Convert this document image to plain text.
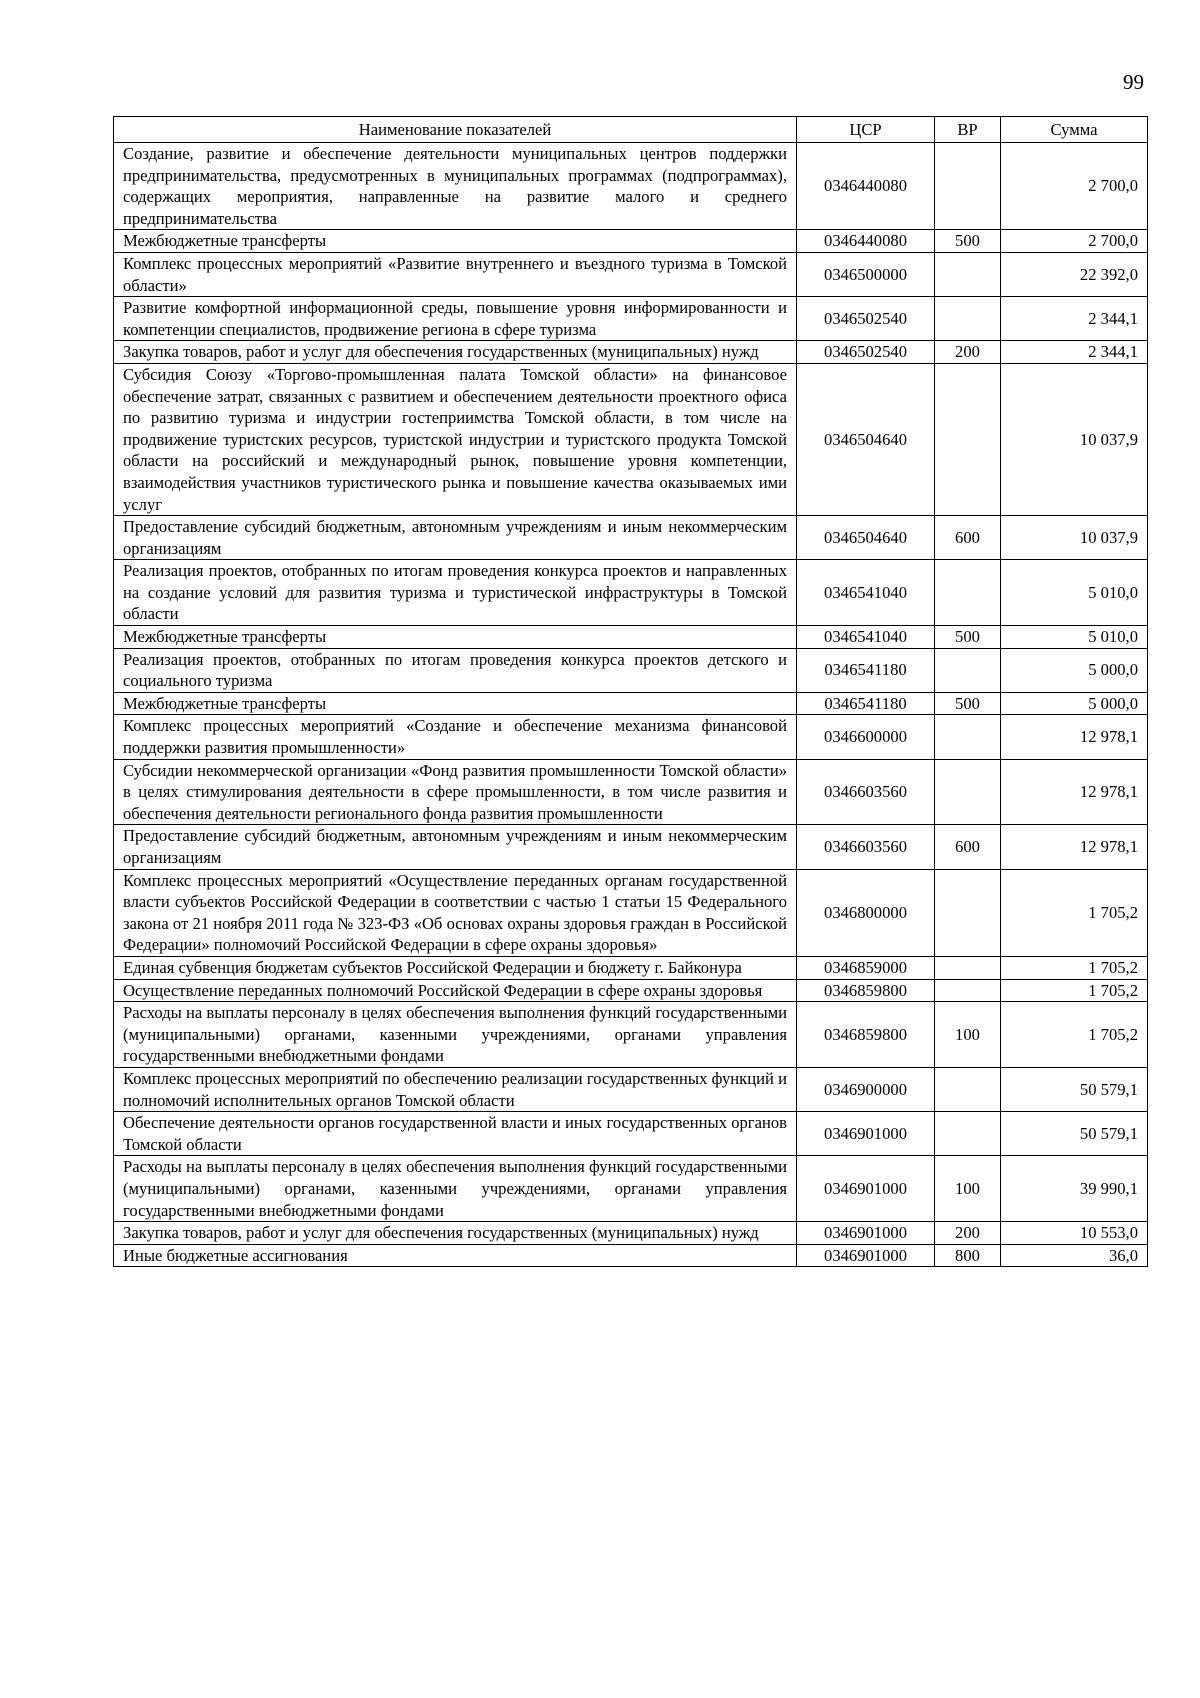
99
Наименование показателей	ЦСР	ВР	Сумма
Создание, развитие и обеспечение деятельности муниципальных центров поддержки предпринимательства, предусмотренных в муниципальных программах (подпрограммах), содержащих мероприятия, направленные на развитие малого и среднего предпринимательства	0346440080		2 700,0
Межбюджетные трансферты	0346440080	500	2 700,0
Комплекс процессных мероприятий «Развитие внутреннего и въездного туризма в Томской области»	0346500000		22 392,0
Развитие комфортной информационной среды, повышение уровня информированности и компетенции специалистов, продвижение региона в сфере туризма	0346502540		2 344,1
Закупка товаров, работ и услуг для обеспечения государственных (муниципальных) нужд	0346502540	200	2 344,1
Субсидия Союзу «Торгово-промышленная палата Томской области» на финансовое обеспечение затрат, связанных с развитием и обеспечением деятельности проектного офиса по развитию туризма и индустрии гостеприимства Томской области, в том числе на продвижение туристских ресурсов, туристской индустрии и туристского продукта Томской области на российский и международный рынок, повышение уровня компетенции, взаимодействия участников туристического рынка и повышение качества оказываемых ими услуг	0346504640		10 037,9
Предоставление субсидий бюджетным, автономным учреждениям и иным некоммерческим организациям	0346504640	600	10 037,9
Реализация проектов, отобранных по итогам проведения конкурса проектов и направленных на создание условий для развития туризма и туристической инфраструктуры в Томской области	0346541040		5 010,0
Межбюджетные трансферты	0346541040	500	5 010,0
Реализация проектов, отобранных по итогам проведения конкурса проектов детского и социального туризма	0346541180		5 000,0
Межбюджетные трансферты	0346541180	500	5 000,0
Комплекс процессных мероприятий «Создание и обеспечение механизма финансовой поддержки развития промышленности»	0346600000		12 978,1
Субсидии некоммерческой организации «Фонд развития промышленности Томской области» в целях стимулирования деятельности в сфере промышленности, в том числе развития и обеспечения деятельности регионального фонда развития промышленности	0346603560		12 978,1
Предоставление субсидий бюджетным, автономным учреждениям и иным некоммерческим организациям	0346603560	600	12 978,1
Комплекс процессных мероприятий «Осуществление переданных органам государственной власти субъектов Российской Федерации в соответствии с частью 1 статьи 15 Федерального закона от 21 ноября 2011 года № 323-ФЗ «Об основах охраны здоровья граждан в Российской Федерации» полномочий Российской Федерации в сфере охраны здоровья»	0346800000		1 705,2
Единая субвенция бюджетам субъектов Российской Федерации и бюджету г. Байконура	0346859000		1 705,2
Осуществление переданных полномочий Российской Федерации в сфере охраны здоровья	0346859800		1 705,2
Расходы на выплаты персоналу в целях обеспечения выполнения функций государственными (муниципальными) органами, казенными учреждениями, органами управления государственными внебюджетными фондами	0346859800	100	1 705,2
Комплекс процессных мероприятий по обеспечению реализации государственных функций и полномочий исполнительных органов Томской области	0346900000		50 579,1
Обеспечение деятельности органов государственной власти и иных государственных органов Томской области	0346901000		50 579,1
Расходы на выплаты персоналу в целях обеспечения выполнения функций государственными (муниципальными) органами, казенными учреждениями, органами управления государственными внебюджетными фондами	0346901000	100	39 990,1
Закупка товаров, работ и услуг для обеспечения государственных (муниципальных) нужд	0346901000	200	10 553,0
Иные бюджетные ассигнования	0346901000	800	36,0
